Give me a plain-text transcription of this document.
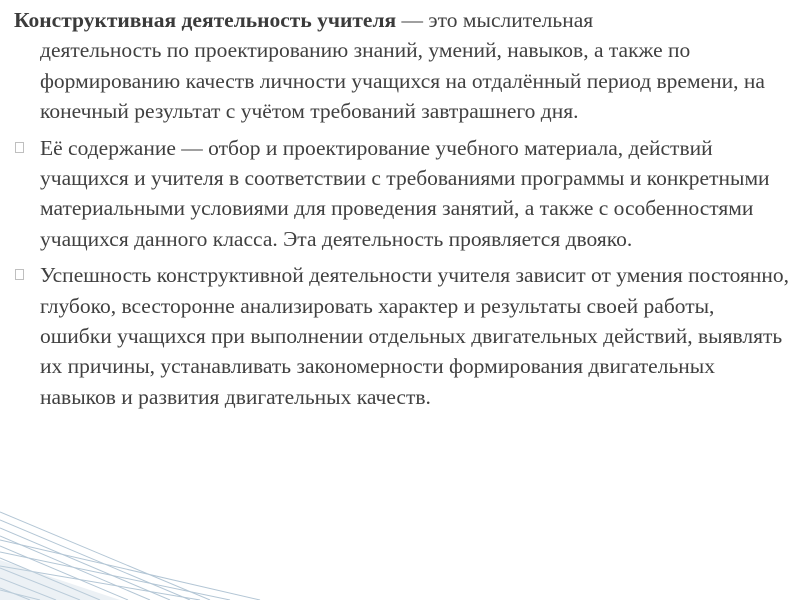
Конструктивная деятельность учителя — это мыслительная
деятельность по проектированию знаний, умений, навыков, а также по формированию качеств личности учащихся на отдалённый период времени, на конечный результат с учётом требований завтрашнего дня.
Её содержание — отбор и проектирование учебного материала, действий учащихся и учителя в соответствии с требованиями программы и конкретными материальными условиями для проведения занятий, а также с особенностями учащихся данного класса. Эта деятельность проявляется двояко.
Успешность конструктивной деятельности учителя зависит от умения постоянно, глубоко, всесторонне анализировать характер и результаты своей работы, ошибки учащихся при выполнении отдельных двигательных действий, выявлять их причины, устанавливать закономерности формирования двигательных навыков и развития двигательных качеств.
